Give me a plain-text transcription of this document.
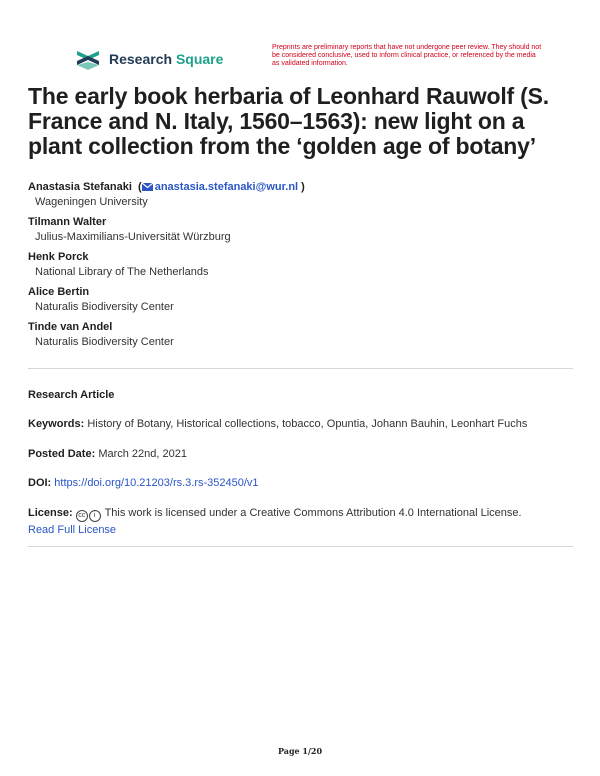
Research Square
Preprints are preliminary reports that have not undergone peer review. They should not be considered conclusive, used to inform clinical practice, or referenced by the media as validated information.
The early book herbaria of Leonhard Rauwolf (S. France and N. Italy, 1560–1563): new light on a plant collection from the ‘golden age of botany’
Anastasia Stefanaki  ( anastasia.stefanaki@wur.nl )
Wageningen University
Tilmann Walter
Julius-Maximilians-Universität Würzburg
Henk Porck
National Library of The Netherlands
Alice Bertin
Naturalis Biodiversity Center
Tinde van Andel
Naturalis Biodiversity Center
Research Article
Keywords: History of Botany, Historical collections, tobacco, Opuntia, Johann Bauhin, Leonhart Fuchs
Posted Date: March 22nd, 2021
DOI: https://doi.org/10.21203/rs.3.rs-352450/v1
License: cc i This work is licensed under a Creative Commons Attribution 4.0 International License.
Read Full License
Page 1/20
